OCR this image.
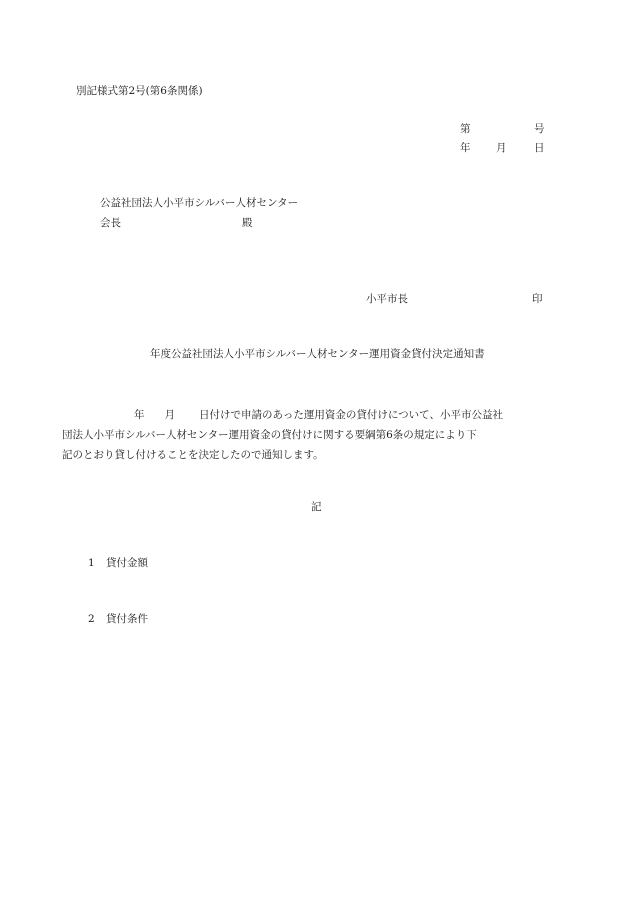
別記様式第2号(第6条関係)
第	号
年 月	日
公益社団法人小平市シルバー人材センター
会長	殿
小平市長	印
年度公益社団法人小平市シルバー人材センター運用資金貸付決定通知書
年 月 日付けで申請のあった運用資金の貸付けについて、小平市公益社
団法人小平市シルバー人材センター運用資金の貸付けに関する要綱第6条の規定により下
記のとおり貸し付けることを決定したので通知します。
記
1 貸付金額
2 貸付条件
